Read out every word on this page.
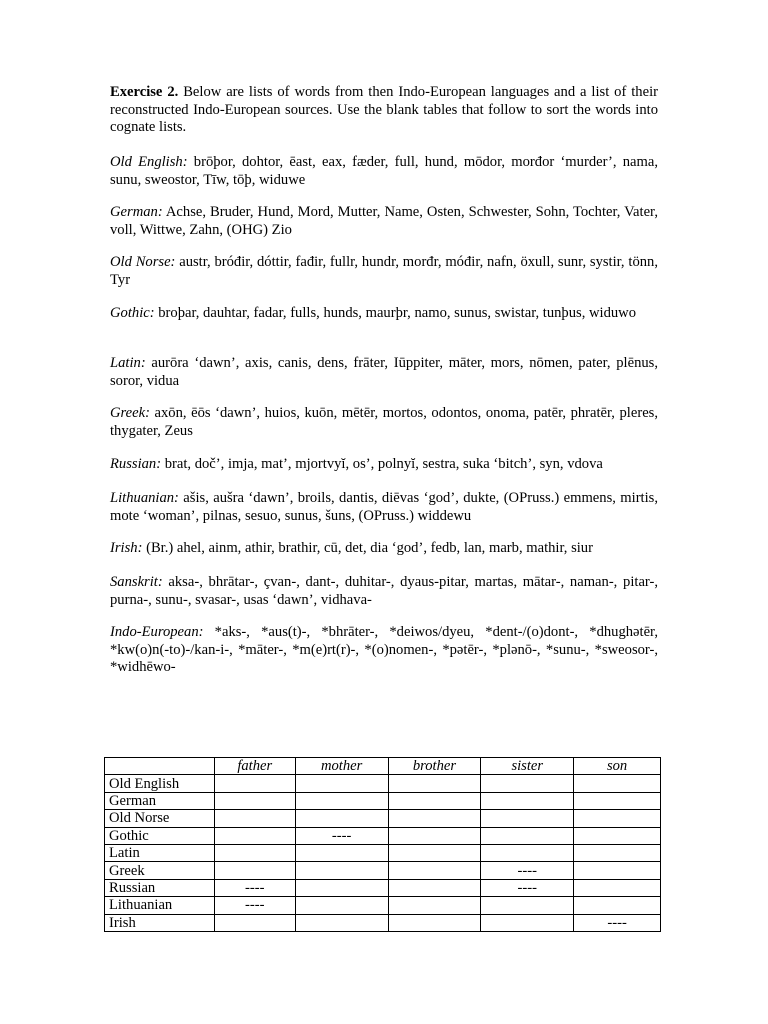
Exercise 2. Below are lists of words from then Indo-European languages and a list of their reconstructed Indo-European sources. Use the blank tables that follow to sort the words into cognate lists.

Old English: brōþor, dohtor, ēast, eax, fæder, full, hund, mōdor, morđor ‘murder’, nama, sunu, sweostor, Tīw, tōþ, widuwe

German: Achse, Bruder, Hund, Mord, Mutter, Name, Osten, Schwester, Sohn, Tochter, Vater, voll, Wittwe, Zahn, (OHG) Zio

Old Norse: austr, bróđir, dóttir, fađir, fullr, hundr, morđr, móđir, nafn, öxull, sunr, systir, tönn, Tyr

Gothic: broþar, dauhtar, fadar, fulls, hunds, maurþr, namo, sunus, swistar, tunþus, widuwo

Latin: aurōra ‘dawn’, axis, canis, dens, frāter, Iūppiter, māter, mors, nōmen, pater, plēnus, soror, vidua

Greek: axōn, ēōs ‘dawn’, huios, kuōn, mētēr, mortos, odontos, onoma, patēr, phratēr, pleres, thygater, Zeus

Russian: brat, doč’, imja, mat’, mjortvyĭ, os’, polnyĭ, sestra, suka ‘bitch’, syn, vdova

Lithuanian: ašis, aušra ‘dawn’, broils, dantis, diēvas ‘god’, dukte, (OPruss.) emmens, mirtis, mote ‘woman’, pilnas, sesuo, sunus, šuns, (OPruss.) widdewu

Irish: (Br.) ahel, ainm, athir, brathir, cū, det, dia ‘god’, fedb, lan, marb, mathir, siur

Sanskrit: aksa-, bhrātar-, çvan-, dant-, duhitar-, dyaus-pitar, martas, mātar-, naman-, pitar-, purna-, sunu-, svasar-, usas ‘dawn’, vidhava-

Indo-European: *aks-, *aus(t)-, *bhrāter-, *deiwos/dyeu, *dent-/(o)dont-, *dhughətēr, *kw(o)n(-to)-/kan-i-, *māter-, *m(e)rt(r)-, *(o)nomen-, *pətēr-, *plənō-, *sunu-, *sweosor-, *widhēwo-

	father	mother	brother	sister	son
Old English					
German					
Old Norse					
Gothic		----			
Latin					
Greek				----	
Russian	----			----	
Lithuanian	----				
Irish					----
